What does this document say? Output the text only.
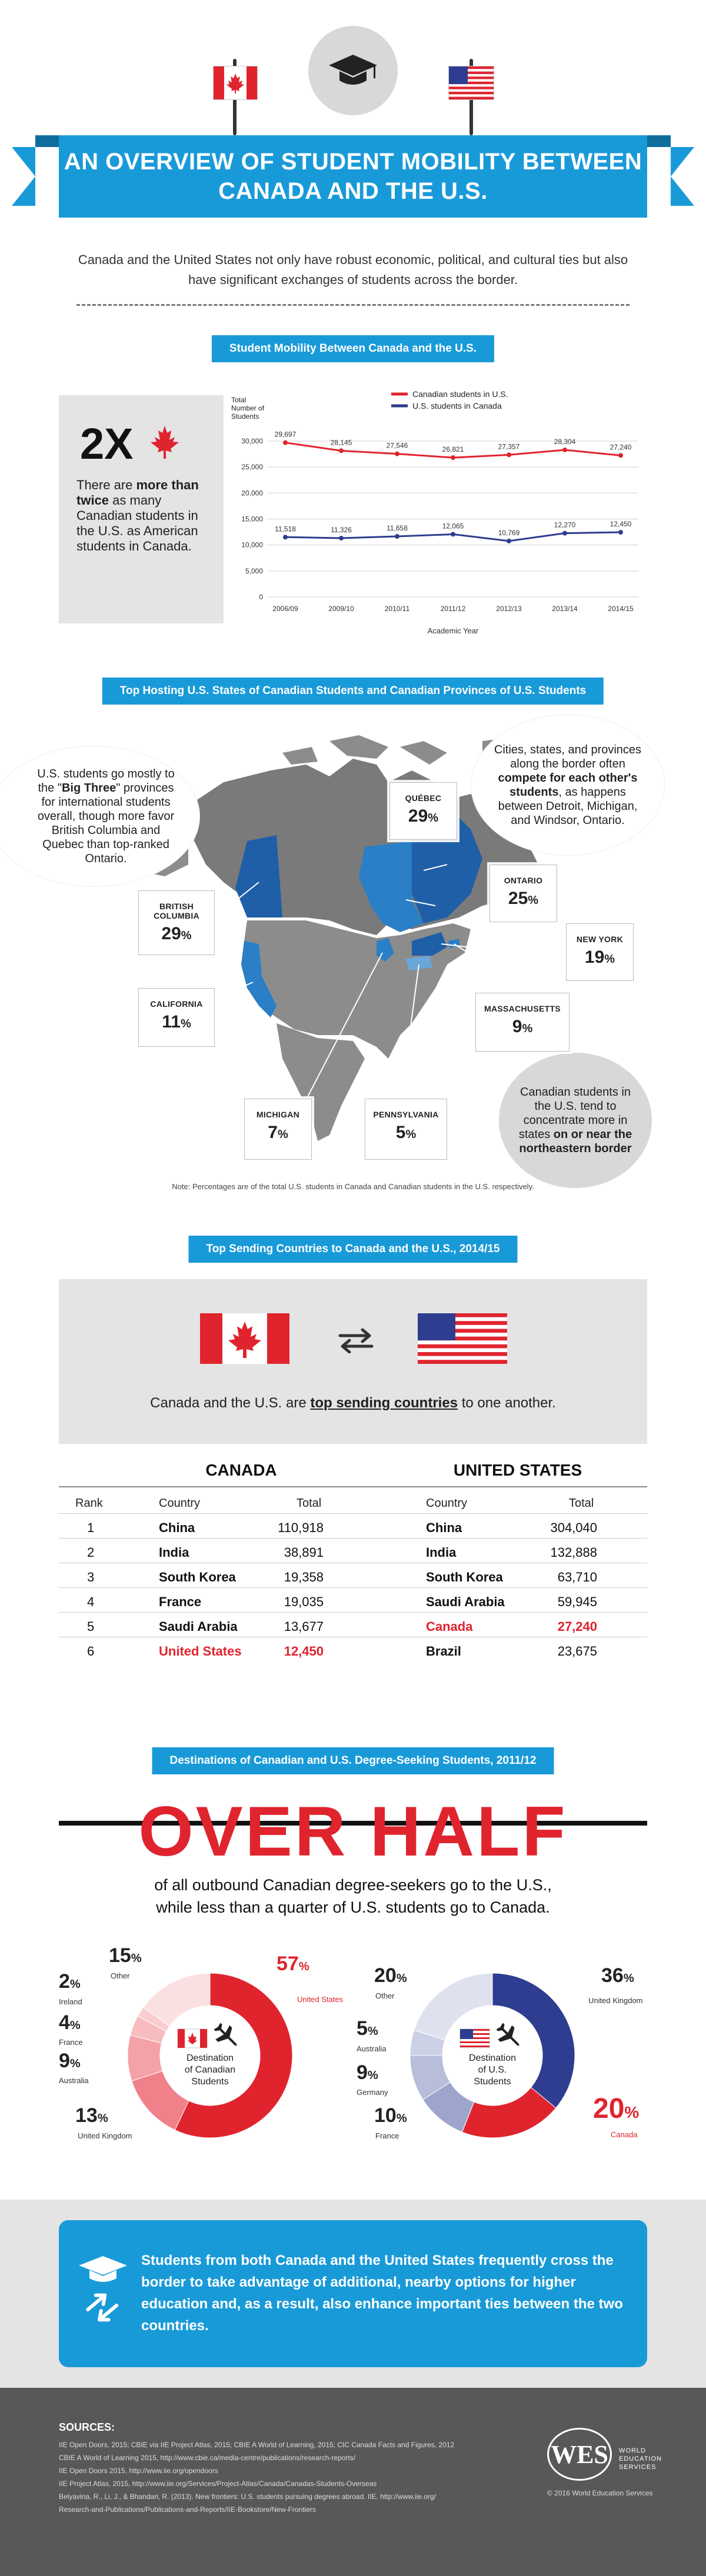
AN OVERVIEW OF STUDENT MOBILITY BETWEEN CANADA AND THE U.S.
Canada and the United States not only have robust economic, political, and cultural ties but also have significant exchanges of students across the border.
Student Mobility Between Canada and the U.S.
2X
There are more than twice as many Canadian students in the U.S. as American students in Canada.
Total Number of Students
0
5,000
10,000
15,000
20,000
25,000
30,000
2006/09	2009/10	2010/11	2011/12	2012/13	2013/14	2014/15
Academic Year
Canadian students in U.S.
U.S. students in Canada
29,697
28,145	27,546	26,821	27,357
28,304
27,240
11,518	11,326	11,658	12,065
10,769
12,270	12,450
Top Hosting U.S. States of Canadian Students and Canadian Provinces of U.S. Students
U.S. students go mostly to the "Big Three" provinces for international students overall, though more favor British Columbia and Quebec than top-ranked Ontario.
Cities, states, and provinces along the border often compete for each other's students, as happens between Detroit, Michigan, and Windsor, Ontario.
Canadian students in the U.S. tend to concentrate more in states on or near the northeastern border
QUÉBEC
29%
ONTARIO
25%
BRITISH COLUMBIA
29%	NEW YORK
19%
CALIFORNIA
11%
MASSACHUSETTS
9%
MICHIGAN
7%
PENNSYLVANIA
5%
Note: Percentages are of the total U.S. students in Canada and Canadian students in the U.S. respectively.
Top Sending Countries to Canada and the U.S., 2014/15
Canada and the U.S. are top sending countries to one another.
CANADA	UNITED STATES
Rank	Country	Total	Country	Total
1	China	110,918	China	304,040
2	India	38,891	India	132,888
3	South Korea	19,358	South Korea	63,710
4	France	19,035	Saudi Arabia	59,945
5	Saudi Arabia	13,677	Canada	27,240
6	United States	12,450	Brazil	23,675
Destinations of Canadian and U.S. Degree-Seeking Students, 2011/12
OVER HALF
of all outbound Canadian degree-seekers go to the U.S.,
while less than a quarter of U.S. students go to Canada.
Destination
of Canadian
Students
Destination
of U.S.
Students
57%
United States
15%
Other
2%
Ireland
4%
France
9%
Australia
13%
United Kingdom
36%
United Kingdom
20%
Other
5%
Australia
9%
Germany
10%
France
20%
Canada
Students from both Canada and the United States frequently cross the border to take advantage of additional, nearby options for higher education and, as a result, also enhance important ties between the two countries.
SOURCES:
IIE Open Doors, 2015; CBIE via IIE Project Atlas, 2015; CBIE A World of Learning, 2015; CIC Canada Facts and Figures, 2012
CBIE A World of Learning 2015, http://www.cbie.ca/media-centre/publications/research-reports/
IIE Open Doors 2015, http://www.iie.org/opendoors
IIE Project Atlas, 2015, http://www.iie.org/Services/Project-Atlas/Canada/Canadas-Students-Overseas
Belyavina, R., Li, J., & Bhandari, R. (2013). New frontiers: U.S. students pursuing degrees abroad. IIE. http://www.iie.org/
Research-and-Publications/Publications-and-Reports/IIE-Bookstore/New-Frontiers
WES	WORLD EDUCATION SERVICES
© 2016 World Education Services
